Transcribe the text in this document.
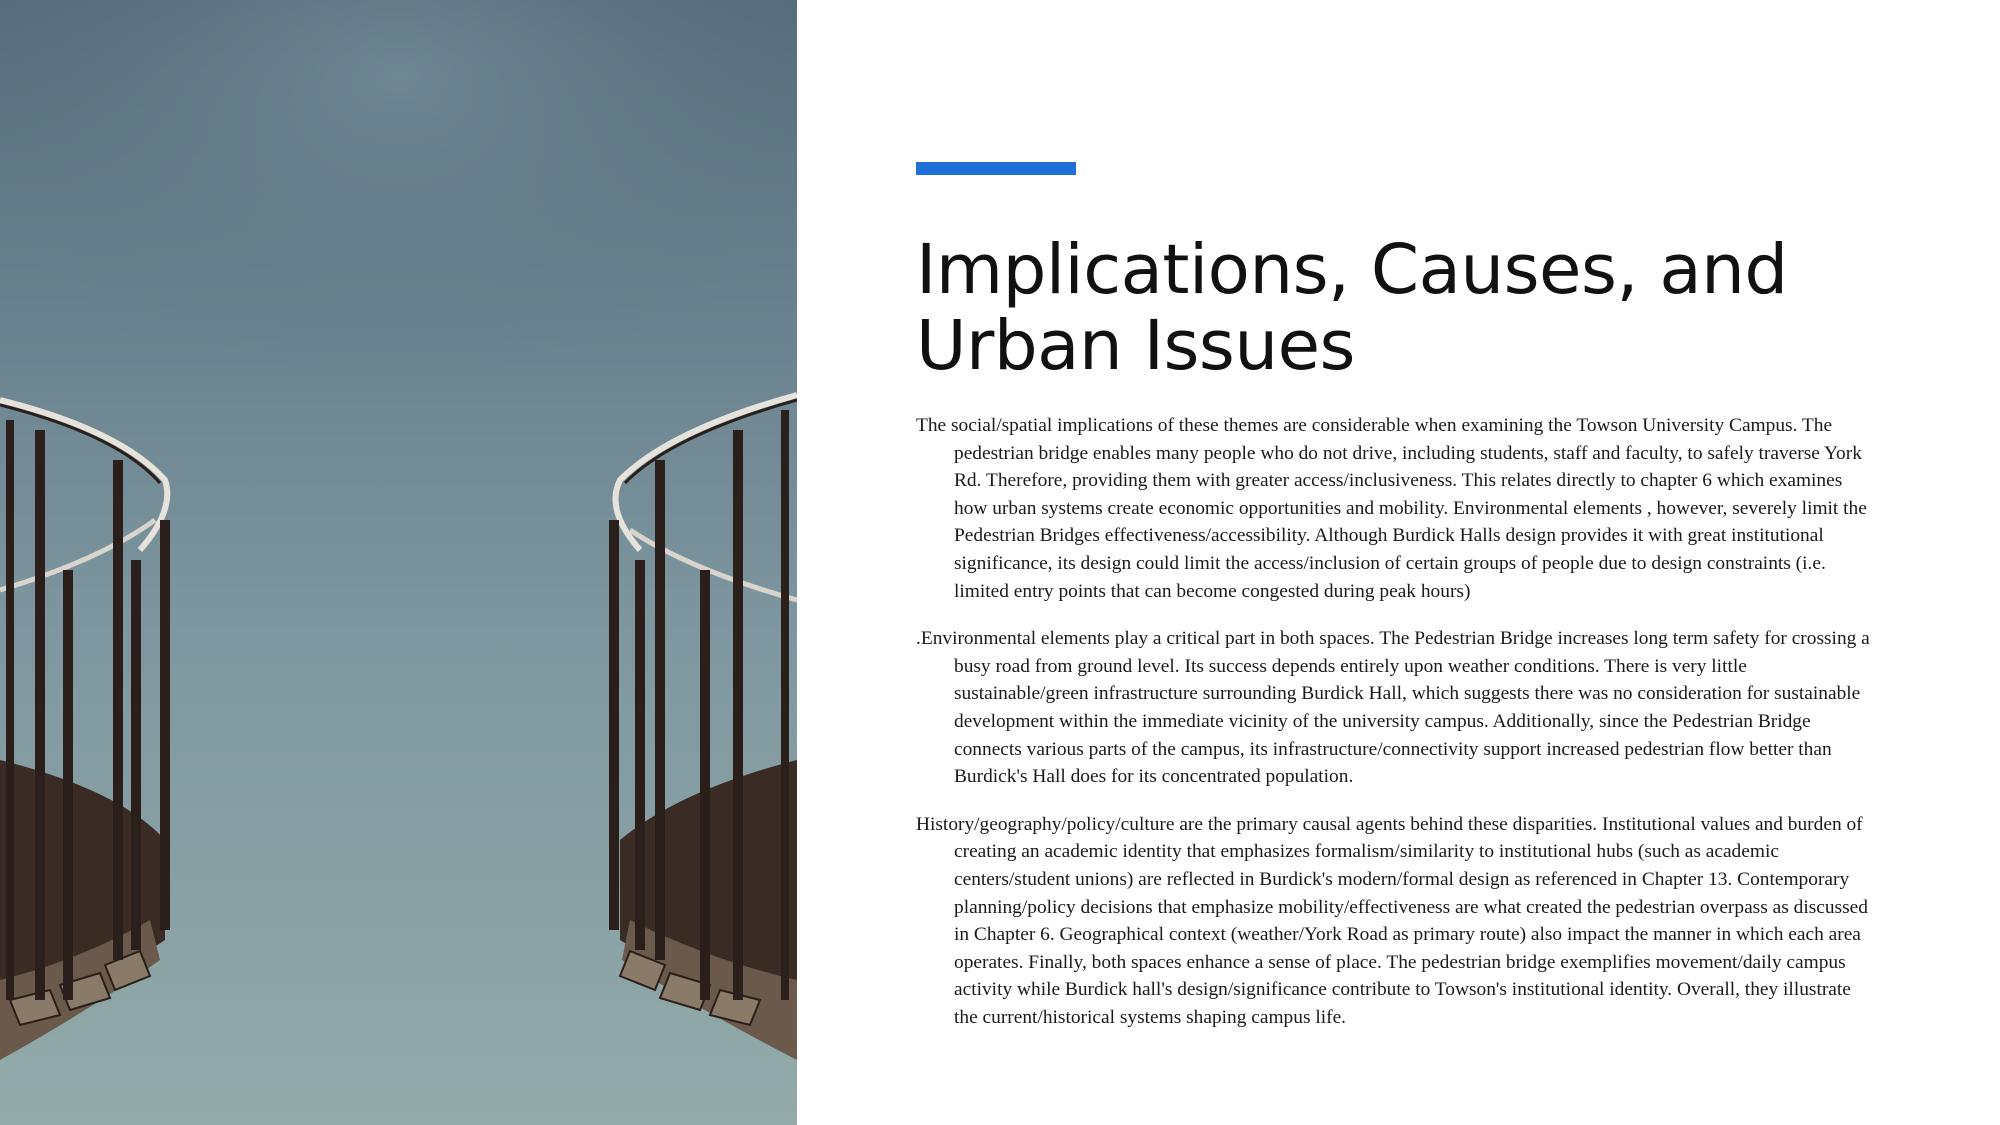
Implications, Causes, and Urban Issues

The social/spatial implications of these themes are considerable when examining the Towson University Campus. The pedestrian bridge enables many people who do not drive, including students, staff and faculty, to safely traverse York Rd. Therefore, providing them with greater access/inclusiveness. This relates directly to chapter 6 which examines how urban systems create economic opportunities and mobility. Environmental elements , however, severely limit the Pedestrian Bridges effectiveness/accessibility. Although Burdick Halls design provides it with great institutional significance, its design could limit the access/inclusion of certain groups of people due to design constraints (i.e. limited entry points that can become congested during peak hours)

.Environmental elements play a critical part in both spaces. The Pedestrian Bridge increases long term safety for crossing a busy road from ground level. Its success depends entirely upon weather conditions. There is very little sustainable/green infrastructure surrounding Burdick Hall, which suggests there was no consideration for sustainable development within the immediate vicinity of the university campus. Additionally, since the Pedestrian Bridge connects various parts of the campus, its infrastructure/connectivity support increased pedestrian flow better than Burdick's Hall does for its concentrated population.

History/geography/policy/culture are the primary causal agents behind these disparities. Institutional values and burden of creating an academic identity that emphasizes formalism/similarity to institutional hubs (such as academic centers/student unions) are reflected in Burdick's modern/formal design as referenced in Chapter 13. Contemporary planning/policy decisions that emphasize mobility/effectiveness are what created the pedestrian overpass as discussed in Chapter 6. Geographical context (weather/York Road as primary route) also impact the manner in which each area operates. Finally, both spaces enhance a sense of place. The pedestrian bridge exemplifies movement/daily campus activity while Burdick hall's design/significance contribute to Towson's institutional identity. Overall, they illustrate the current/historical systems shaping campus life.
